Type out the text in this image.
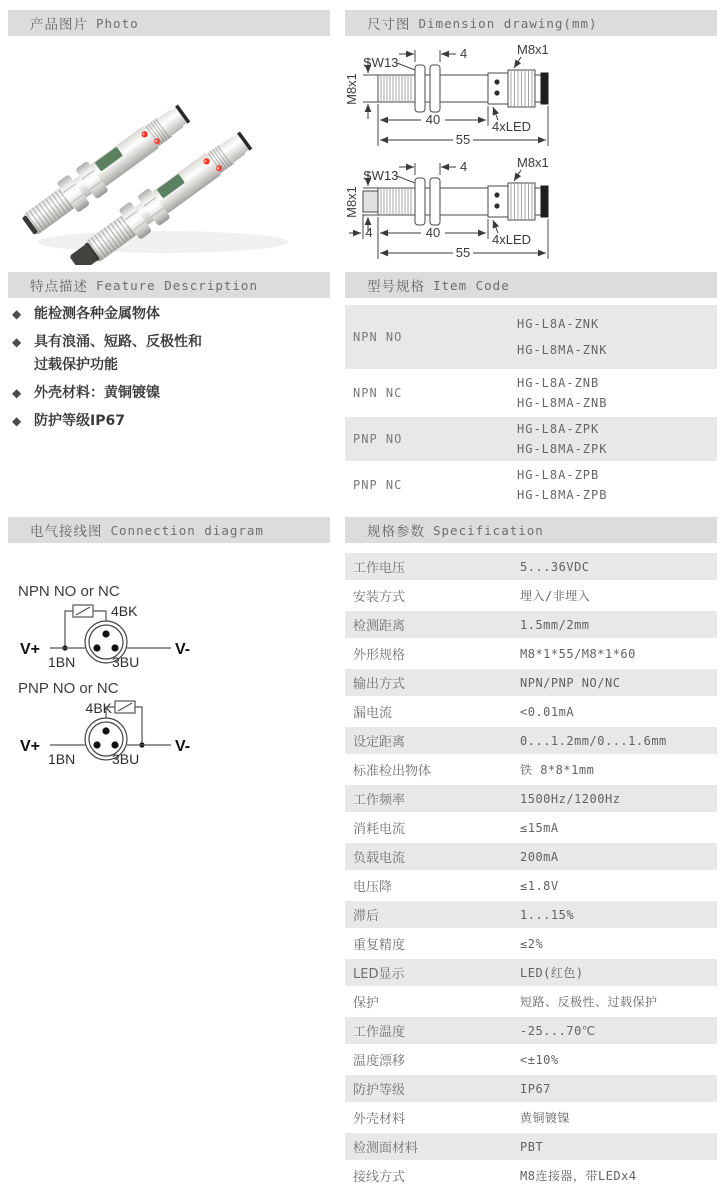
产品图片 Photo	尺寸图 Dimension drawing(mm)
特点描述 Feature Description	型号规格 Item Code
电气接线图 Connection diagram	规格参数 Specification
4
◆ 能检测各种金属物体
◆ 具有浪涌、短路、反极性和
过载保护功能
◆ 外壳材料：黄铜镀镍
◆ 防护等级IP67
NPN NO
HG-L8A-ZNK
HG-L8MA-ZNK
NPN NC
HG-L8A-ZNB
HG-L8MA-ZNB
PNP NO
HG-L8A-ZPK
HG-L8MA-ZPK
PNP NC
HG-L8A-ZPB
HG-L8MA-ZPB
NPN NO or NC
V+
1BN	3BU
V-
4BK
PNP NO or NC
4BK
V+
1BN	3BU
V-
工作电压	5...36VDC
安装方式	埋入/非埋入
检测距离	1.5mm/2mm
外形规格	M8*1*55/M8*1*60
输出方式	NPN/PNP NO/NC
漏电流	<0.01mA
设定距离	0...1.2mm/0...1.6mm
标准检出物体	铁 8*8*1mm
工作频率	1500Hz/1200Hz
消耗电流	≤15mA
负载电流	200mA
电压降	≤1.8V
滞后	1...15%
重复精度	≤2%
LED显示	LED(红色)
保护	短路、反极性、过载保护
工作温度	-25...70℃
温度漂移	<±10%
防护等级	IP67
外壳材料	黄铜镀镍
检测面材料	PBT
接线方式	M8连接器，带LEDx4
